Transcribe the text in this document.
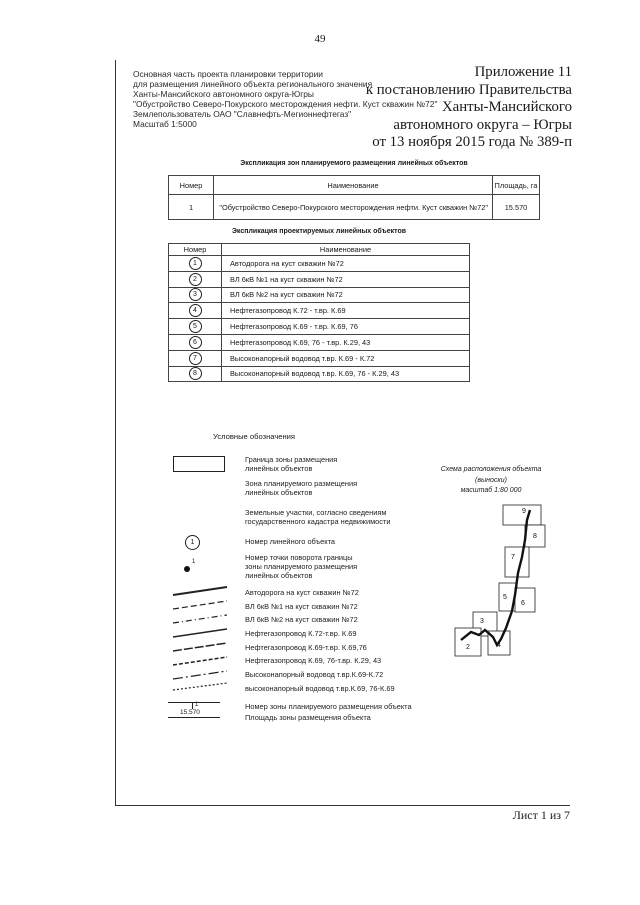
49
Основная часть проекта планировки территории
для размещения линейного объекта регионального значения
Ханты-Мансийского автономного округа-Югры
"Обустройство Северо-Покурского месторождения нефти. Куст скважин №72"
Землепользователь ОАО "Славнефть-Мегионнефтегаз"
Масштаб 1:5000
Приложение 11
к постановлению Правительства
Ханты-Мансийского
автономного округа – Югры
от 13 ноября 2015 года № 389-п
Экспликация зон планируемого размещения линейных объектов
Номер	Наименование	Площадь, га
1	"Обустройство Северо-Покурского месторождения нефти. Куст скважин №72"	15.570
Экспликация проектируемых линейных объектов
Номер	Наименование
1	Автодорога на куст скважин №72
2	ВЛ 6кВ №1 на куст скважин №72
3	ВЛ 6кВ №2 на куст скважин №72
4	Нефтегазопровод К.72 - т.вр. К.69
5	Нефтегазопровод К.69 - т.вр. К.69, 76
6	Нефтегазопровод К.69, 76 - т.вр. К.29, 43
7	Высоконапорный водовод т.вр. К.69 - К.72
8	Высоконапорный водовод т.вр. К.69, 76 - К.29, 43
Условные обозначения
Граница зоны размещения
линейных объектов
Зона планируемого размещения
линейных объектов
Земельные участки, согласно сведениям
государственного кадастра недвижимости
1	Номер линейного объекта
1	Номер точки поворота границы
зоны планируемого размещения
линейных объектов
Автодорога на куст скважин №72
ВЛ 6кВ №1 на куст скважин №72
ВЛ 6кВ №2 на куст скважин №72
Нефтегазопровод К.72-т.вр. К.69
Нефтегазопровод К.69-т.вр. К.69,76
Нефтегазопровод К.69, 76-т.вр. К.29, 43
Высоконапорный водовод т.вр.К.69-К.72
высоконапорный водовод т.вр.К.69, 76-К.69
1
15.570
Номер зоны планируемого размещения объекта
Площадь зоны размещения объекта
Схема расположения объекта
(выноски)
масштаб 1:80 000
2
3
4
5
6
7
8
9
Лист 1 из 7
